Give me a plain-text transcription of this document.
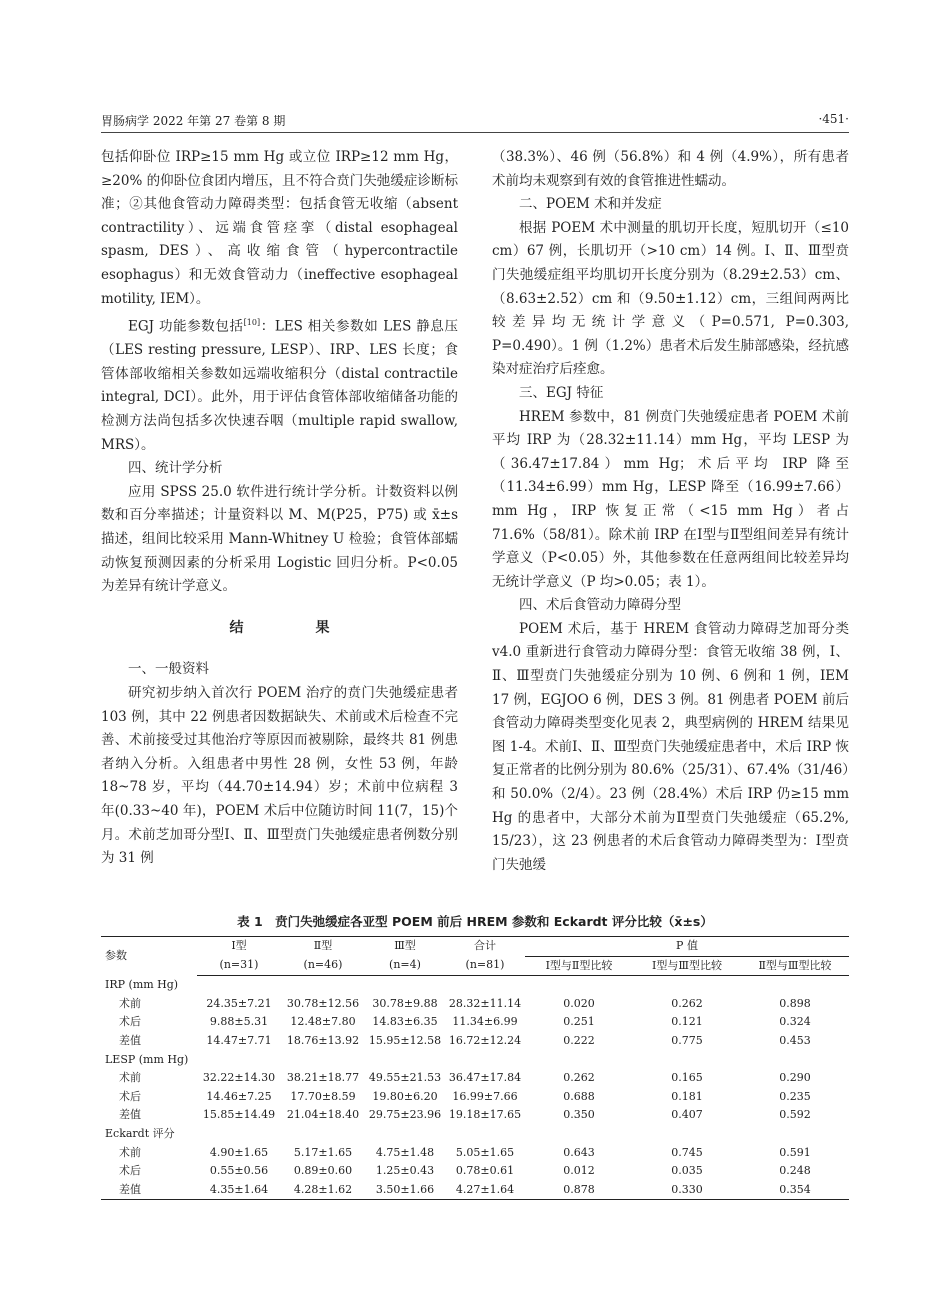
胃肠病学 2022 年第 27 卷第 8 期	·451·

包括仰卧位 IRP≥15 mm Hg 或立位 IRP≥12 mm Hg，≥20% 的仰卧位食团内增压，且不符合贲门失弛缓症诊断标准；②其他食管动力障碍类型：包括食管无收缩（absent contractility）、远端食管痉挛（distal esophageal spasm, DES）、高收缩食管（hypercontractile esophagus）和无效食管动力（ineffective esophageal motility, IEM）。

EGJ 功能参数包括[10]：LES 相关参数如 LES 静息压（LES resting pressure, LESP）、IRP、LES 长度；食管体部收缩相关参数如远端收缩积分（distal contractile integral, DCI）。此外，用于评估食管体部收缩储备功能的检测方法尚包括多次快速吞咽（multiple rapid swallow, MRS）。

四、统计学分析

应用 SPSS 25.0 软件进行统计学分析。计数资料以例数和百分率描述；计量资料以 M、M(P25，P75) 或 x̄±s 描述，组间比较采用 Mann-Whitney U 检验；食管体部蠕动恢复预测因素的分析采用 Logistic 回归分析。P<0.05 为差异有统计学意义。

结 果
一、一般资料

研究初步纳入首次行 POEM 治疗的贲门失弛缓症患者 103 例，其中 22 例患者因数据缺失、术前或术后检查不完善、术前接受过其他治疗等原因而被剔除，最终共 81 例患者纳入分析。入组患者中男性 28 例，女性 53 例，年龄 18~78 岁，平均（44.70±14.94）岁；术前中位病程 3 年(0.33~40 年)，POEM 术后中位随访时间 11(7，15)个月。术前芝加哥分型Ⅰ、Ⅱ、Ⅲ型贲门失弛缓症患者例数分别为 31 例

（38.3%）、46 例（56.8%）和 4 例（4.9%），所有患者术前均未观察到有效的食管推进性蠕动。

二、POEM 术和并发症

根据 POEM 术中测量的肌切开长度，短肌切开（≤10 cm）67 例，长肌切开（>10 cm）14 例。Ⅰ、Ⅱ、Ⅲ型贲门失弛缓症组平均肌切开长度分别为（8.29±2.53）cm、（8.63±2.52）cm 和（9.50±1.12）cm，三组间两两比较差异均无统计学意义（P=0.571, P=0.303, P=0.490）。1 例（1.2%）患者术后发生肺部感染，经抗感染对症治疗后痊愈。

三、EGJ 特征

HREM 参数中，81 例贲门失弛缓症患者 POEM 术前平均 IRP 为（28.32±11.14）mm Hg，平均 LESP 为（36.47±17.84）mm Hg；术后平均 IRP 降至（11.34±6.99）mm Hg，LESP 降至（16.99±7.66）mm Hg，IRP 恢复正常（<15 mm Hg）者占 71.6%（58/81）。除术前 IRP 在Ⅰ型与Ⅱ型组间差异有统计学意义（P<0.05）外，其他参数在任意两组间比较差异均无统计学意义（P 均>0.05；表 1）。

四、术后食管动力障碍分型

POEM 术后，基于 HREM 食管动力障碍芝加哥分类 v4.0 重新进行食管动力障碍分型：食管无收缩 38 例，Ⅰ、Ⅱ、Ⅲ型贲门失弛缓症分别为 10 例、6 例和 1 例，IEM 17 例，EGJOO 6 例，DES 3 例。81 例患者 POEM 前后食管动力障碍类型变化见表 2，典型病例的 HREM 结果见图 1-4。术前Ⅰ、Ⅱ、Ⅲ型贲门失弛缓症患者中，术后 IRP 恢复正常者的比例分别为 80.6%（25/31）、67.4%（31/46）和 50.0%（2/4）。23 例（28.4%）术后 IRP 仍≥15 mm Hg 的患者中，大部分术前为Ⅱ型贲门失弛缓症（65.2%, 15/23），这 23 例患者的术后食管动力障碍类型为：Ⅰ型贲门失弛缓

表 1　贲门失弛缓症各亚型 POEM 前后 HREM 参数和 Eckardt 评分比较（x̄±s）
参数	Ⅰ型	Ⅱ型	Ⅲ型	合计	P 值		
	(n=31)	(n=46)	(n=4)	(n=81)	Ⅰ型与Ⅱ型比较	Ⅰ型与Ⅲ型比较	Ⅱ型与Ⅲ型比较
IRP (mm Hg)							
术前	24.35±7.21	30.78±12.56	30.78±9.88	28.32±11.14	0.020	0.262	0.898
术后	9.88±5.31	12.48±7.80	14.83±6.35	11.34±6.99	0.251	0.121	0.324
差值	14.47±7.71	18.76±13.92	15.95±12.58	16.72±12.24	0.222	0.775	0.453
LESP (mm Hg)							
术前	32.22±14.30	38.21±18.77	49.55±21.53	36.47±17.84	0.262	0.165	0.290
术后	14.46±7.25	17.70±8.59	19.80±6.20	16.99±7.66	0.688	0.181	0.235
差值	15.85±14.49	21.04±18.40	29.75±23.96	19.18±17.65	0.350	0.407	0.592
Eckardt 评分							
术前	4.90±1.65	5.17±1.65	4.75±1.48	5.05±1.65	0.643	0.745	0.591
术后	0.55±0.56	0.89±0.60	1.25±0.43	0.78±0.61	0.012	0.035	0.248
差值	4.35±1.64	4.28±1.62	3.50±1.66	4.27±1.64	0.878	0.330	0.354
